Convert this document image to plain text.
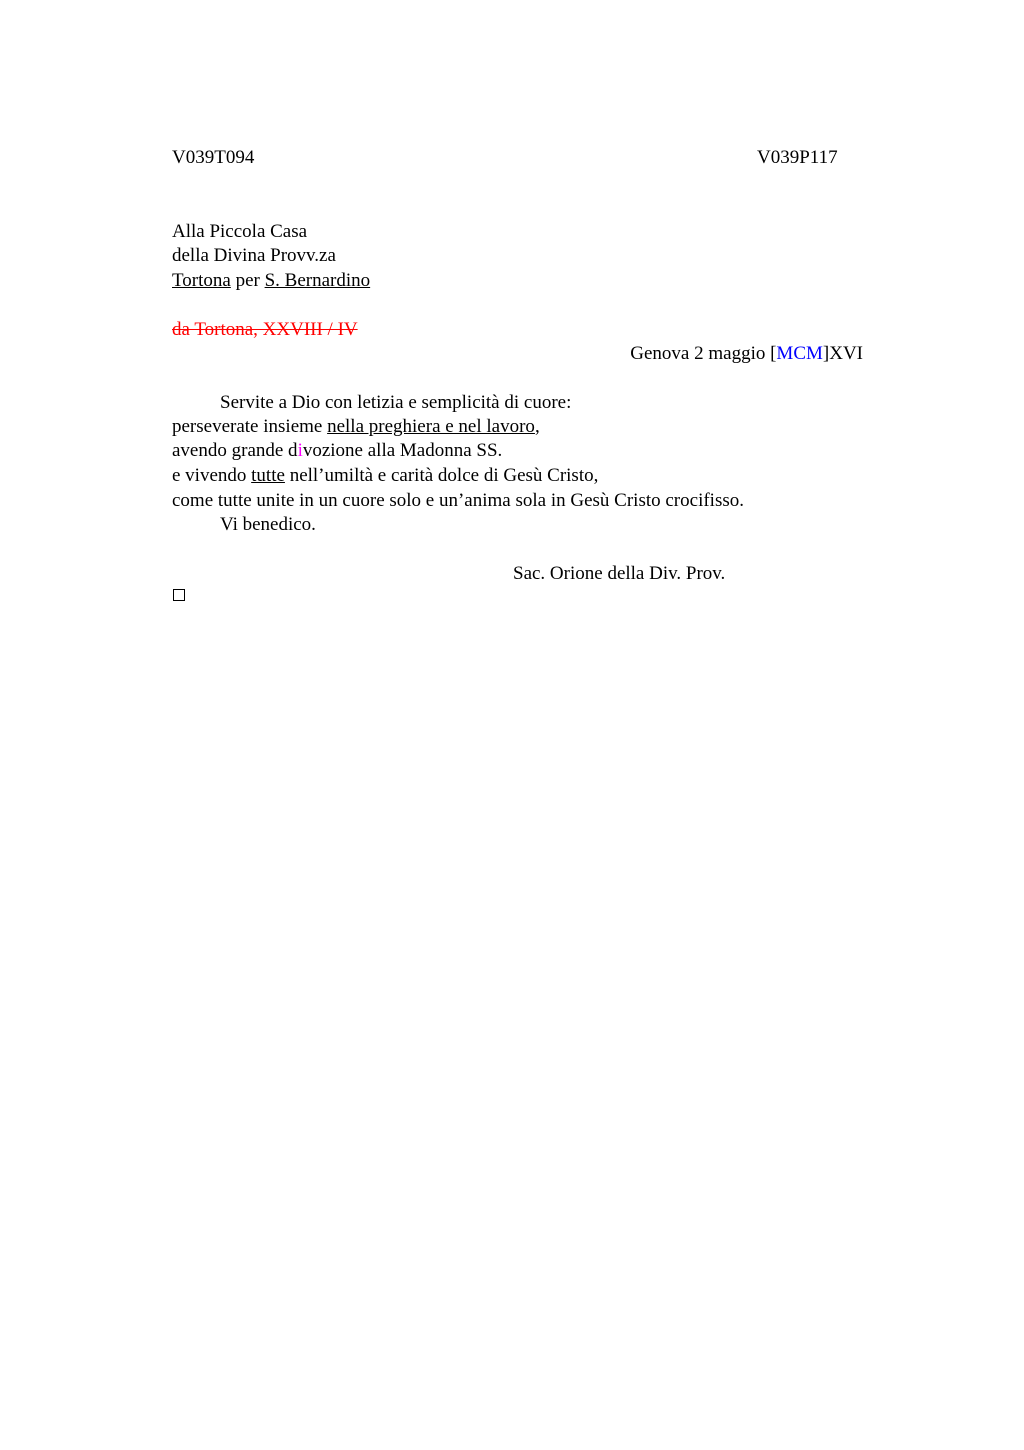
V039T094	V039P117
Alla Piccola Casa
della Divina Provv.za
Tortona per S. Bernardino
da Tortona, XXVIII / IV
Genova 2 maggio [MCM]XVI
Servite a Dio con letizia e semplicità di cuore:
perseverate insieme nella preghiera e nel lavoro,
avendo grande divozione alla Madonna SS.
e vivendo tutte nell’umiltà e carità dolce di Gesù Cristo,
come tutte unite in un cuore solo e un’anima sola in Gesù Cristo crocifisso.
Vi benedico.
Sac. Orione della Div. Prov.
